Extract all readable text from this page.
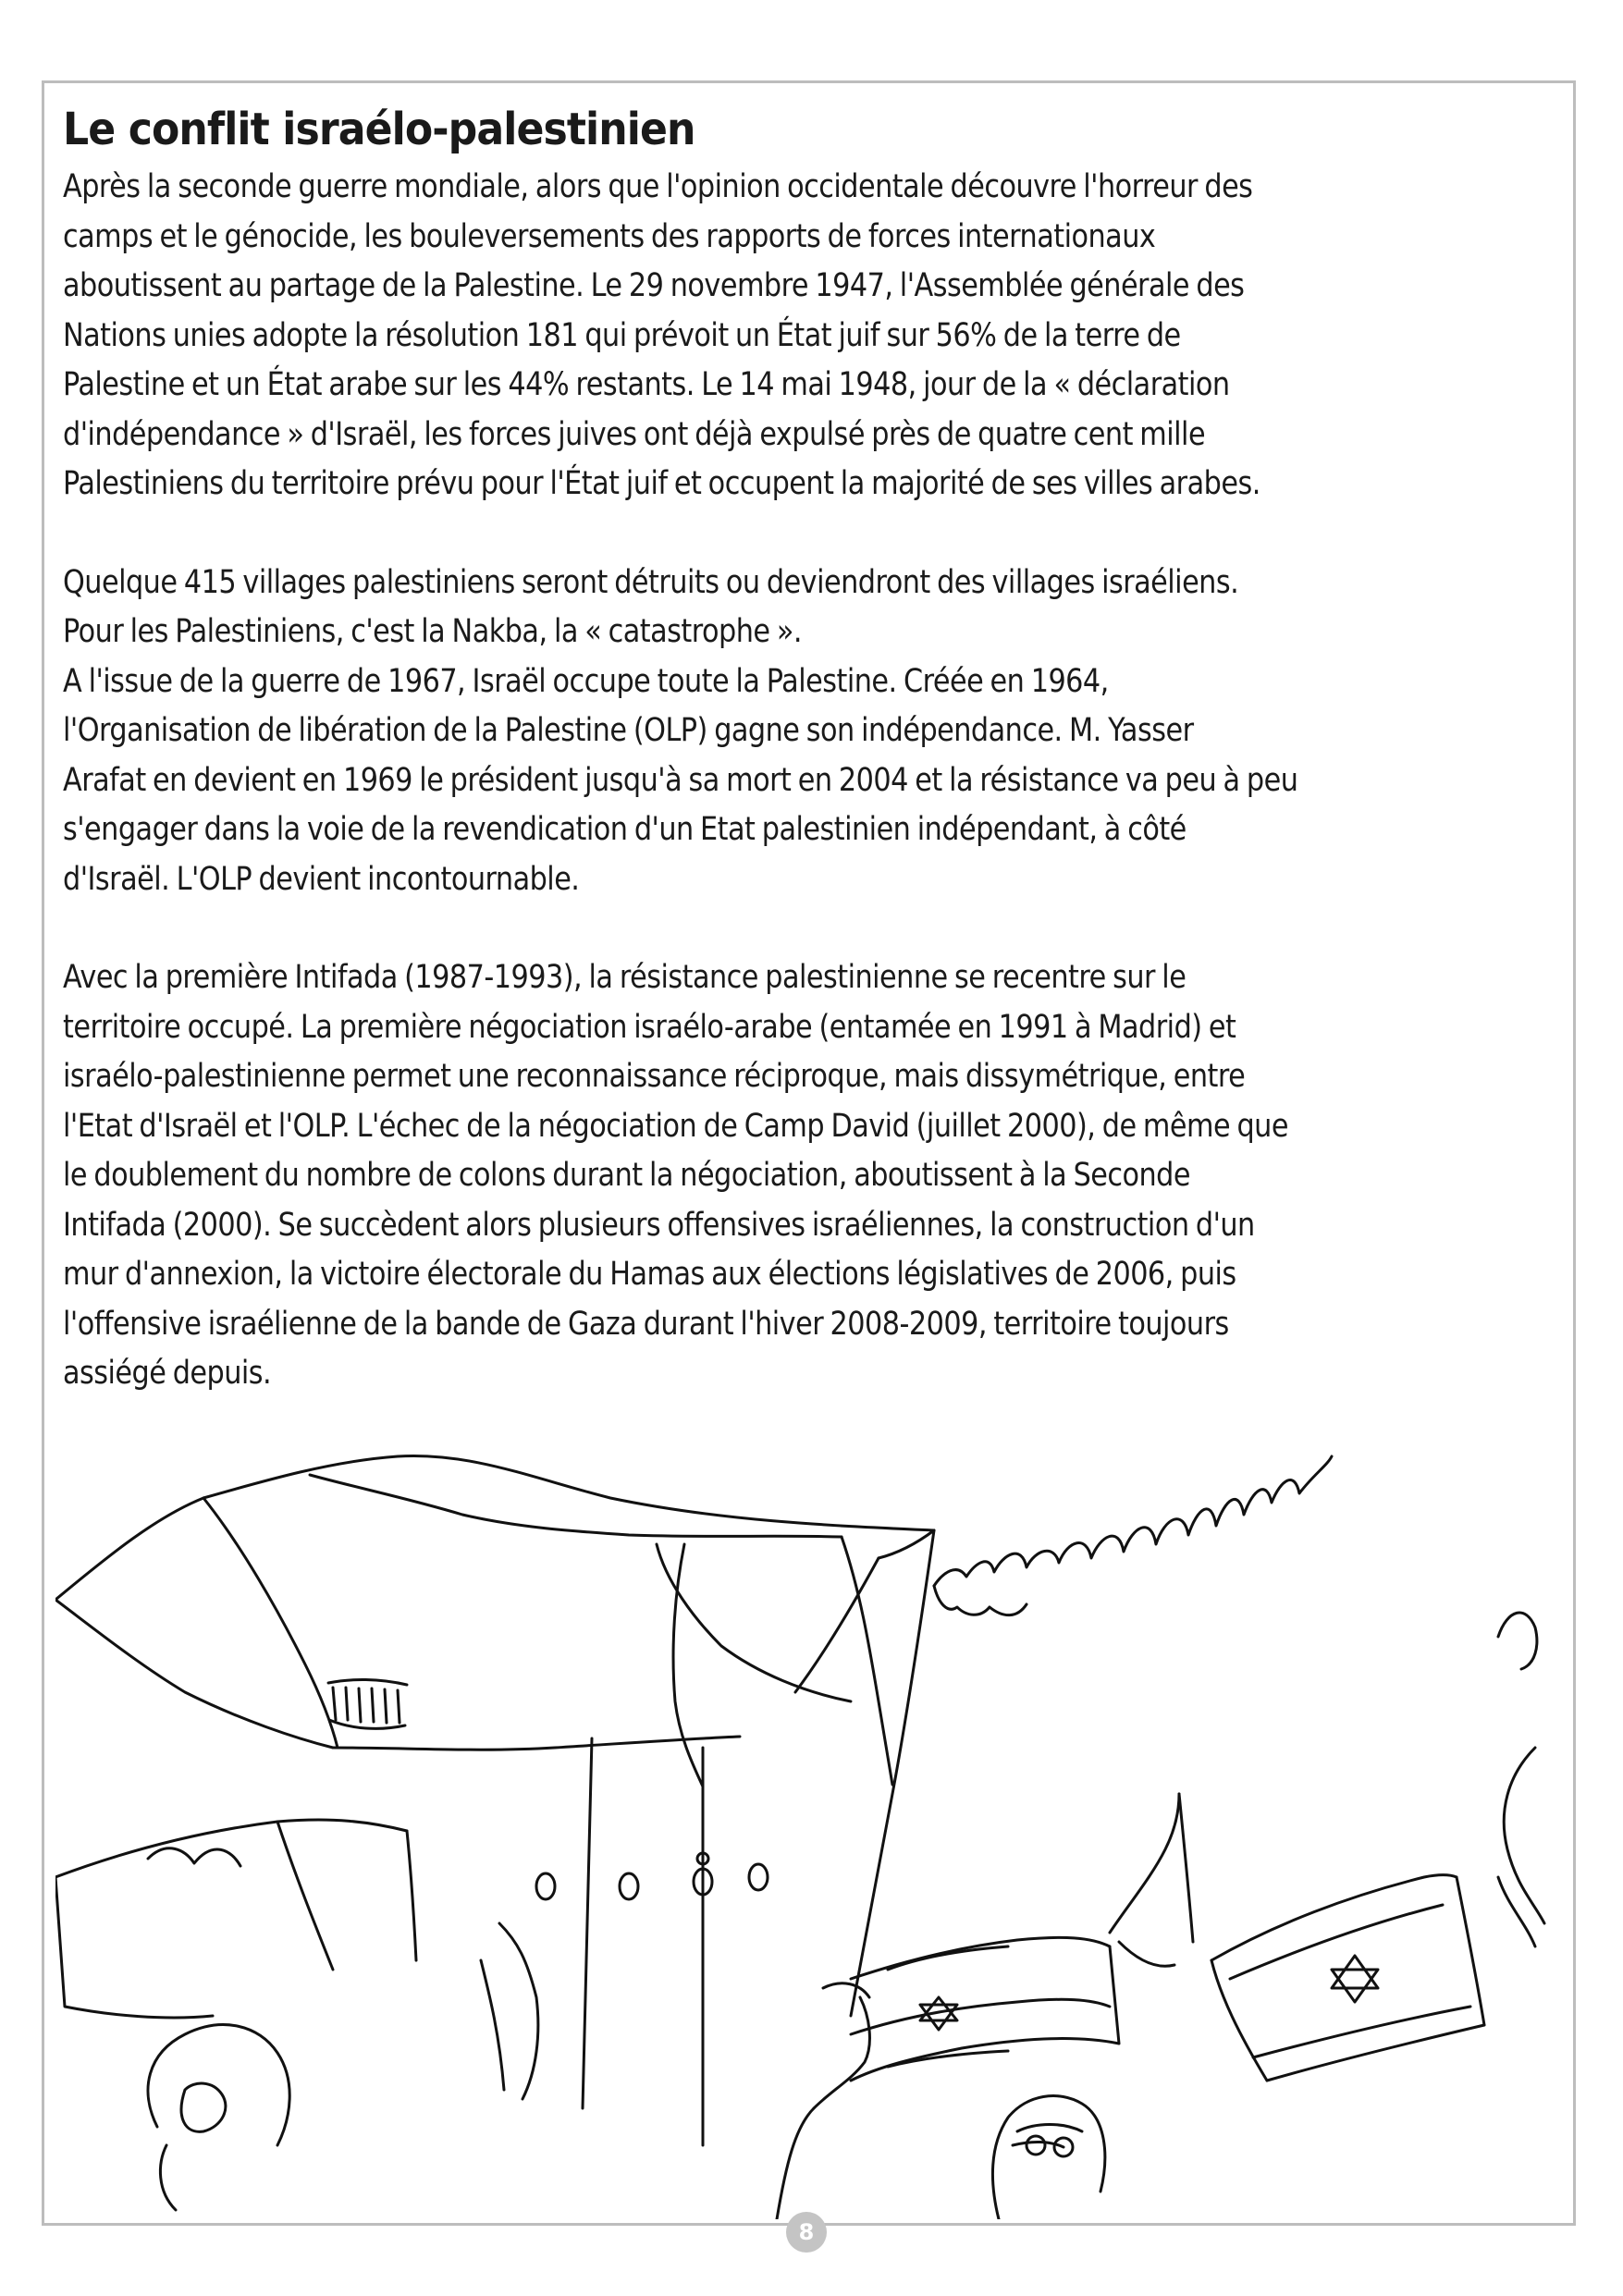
Le conflit israélo-palestinien
Après la seconde guerre mondiale, alors que l'opinion occidentale découvre l'horreur des
camps et le génocide, les bouleversements des rapports de forces internationaux
aboutissent au partage de la Palestine. Le 29 novembre 1947, l'Assemblée générale des
Nations unies adopte la résolution 181 qui prévoit un État juif sur 56% de la terre de
Palestine et un État arabe sur les 44% restants. Le 14 mai 1948, jour de la « déclaration
d'indépendance » d'Israël, les forces juives ont déjà expulsé près de quatre cent mille
Palestiniens du territoire prévu pour l'État juif et occupent la majorité de ses villes arabes.
Quelque 415 villages palestiniens seront détruits ou deviendront des villages israéliens.
Pour les Palestiniens, c'est la Nakba, la « catastrophe ».
A l'issue de la guerre de 1967, Israël occupe toute la Palestine. Créée en 1964,
l'Organisation de libération de la Palestine (OLP) gagne son indépendance. M. Yasser
Arafat en devient en 1969 le président jusqu'à sa mort en 2004 et la résistance va peu à peu
s'engager dans la voie de la revendication d'un Etat palestinien indépendant, à côté
d'Israël. L'OLP devient incontournable.
Avec la première Intifada (1987-1993), la résistance palestinienne se recentre sur le
territoire occupé. La première négociation israélo-arabe (entamée en 1991 à Madrid) et
israélo-palestinienne permet une reconnaissance réciproque, mais dissymétrique, entre
l'Etat d'Israël et l'OLP. L'échec de la négociation de Camp David (juillet 2000), de même que
le doublement du nombre de colons durant la négociation, aboutissent à la Seconde
Intifada (2000). Se succèdent alors plusieurs offensives israéliennes, la construction d'un
mur d'annexion, la victoire électorale du Hamas aux élections législatives de 2006, puis
l'offensive israélienne de la bande de Gaza durant l'hiver 2008-2009, territoire toujours
assiégé depuis.
8
